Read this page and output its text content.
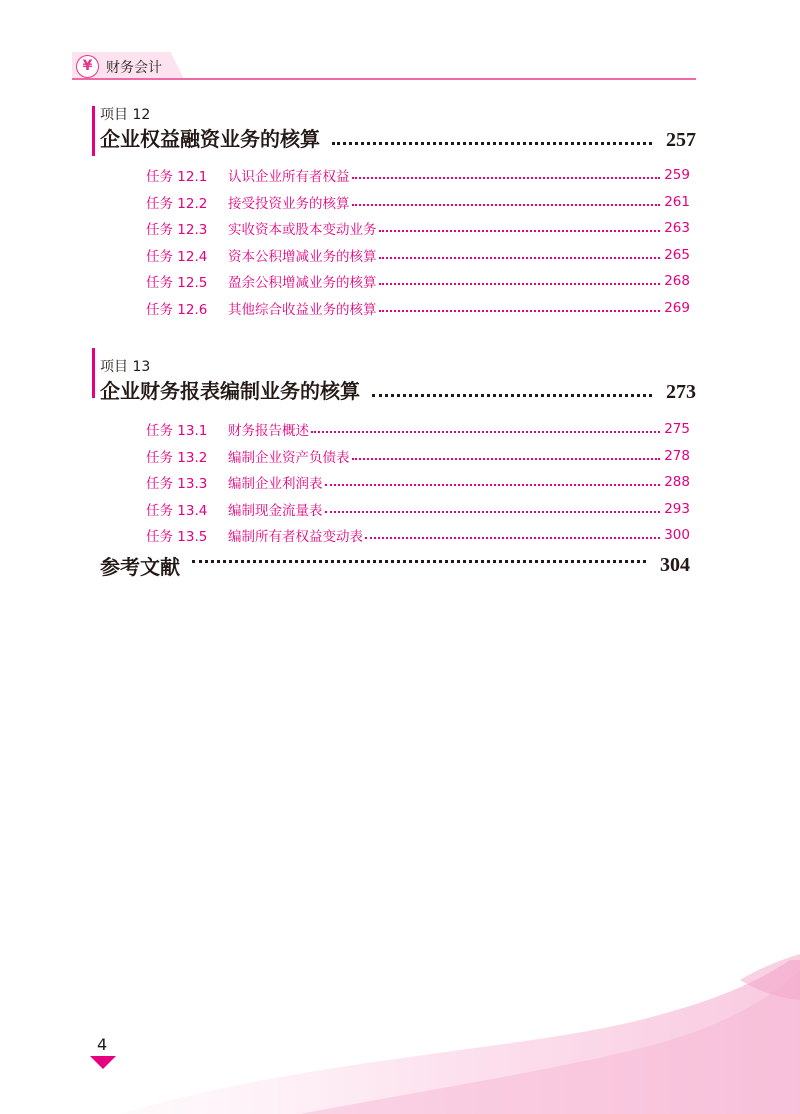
¥ 财务会计
项目 12
企业权益融资业务的核算	257
任务 12.1	认识企业所有者权益	259
任务 12.2	接受投资业务的核算	261
任务 12.3	实收资本或股本变动业务	263
任务 12.4	资本公积增减业务的核算	265
任务 12.5	盈余公积增减业务的核算	268
任务 12.6	其他综合收益业务的核算	269
项目 13
企业财务报表编制业务的核算	273
任务 13.1	财务报告概述	275
任务 13.2	编制企业资产负债表	278
任务 13.3	编制企业利润表	288
任务 13.4	编制现金流量表	293
任务 13.5	编制所有者权益变动表	300
参考文献	304
4
